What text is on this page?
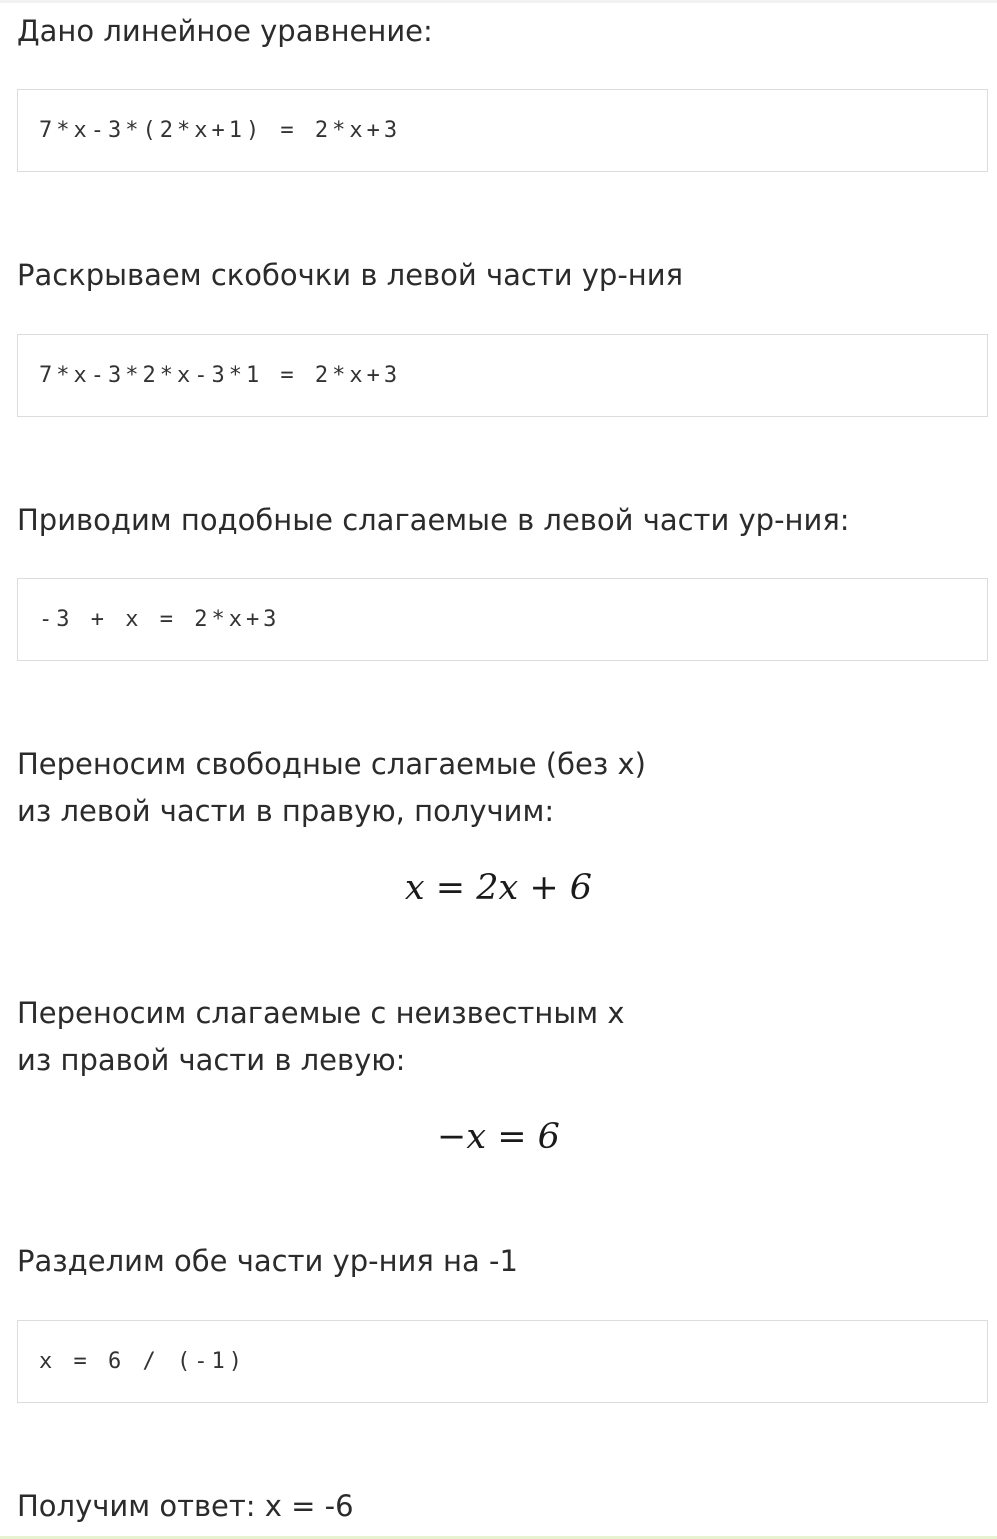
Дано линейное уравнение:
7*x-3*(2*x+1) = 2*x+3
Раскрываем скобочки в левой части ур-ния
7*x-3*2*x-3*1 = 2*x+3
Приводим подобные слагаемые в левой части ур-ния:
-3 + x = 2*x+3
Переносим свободные слагаемые (без x)
из левой части в правую, получим:
x = 2x + 6
Переносим слагаемые с неизвестным x
из правой части в левую:
−x = 6
Разделим обе части ур-ния на -1
x = 6 / (-1)
Получим ответ: x = -6
